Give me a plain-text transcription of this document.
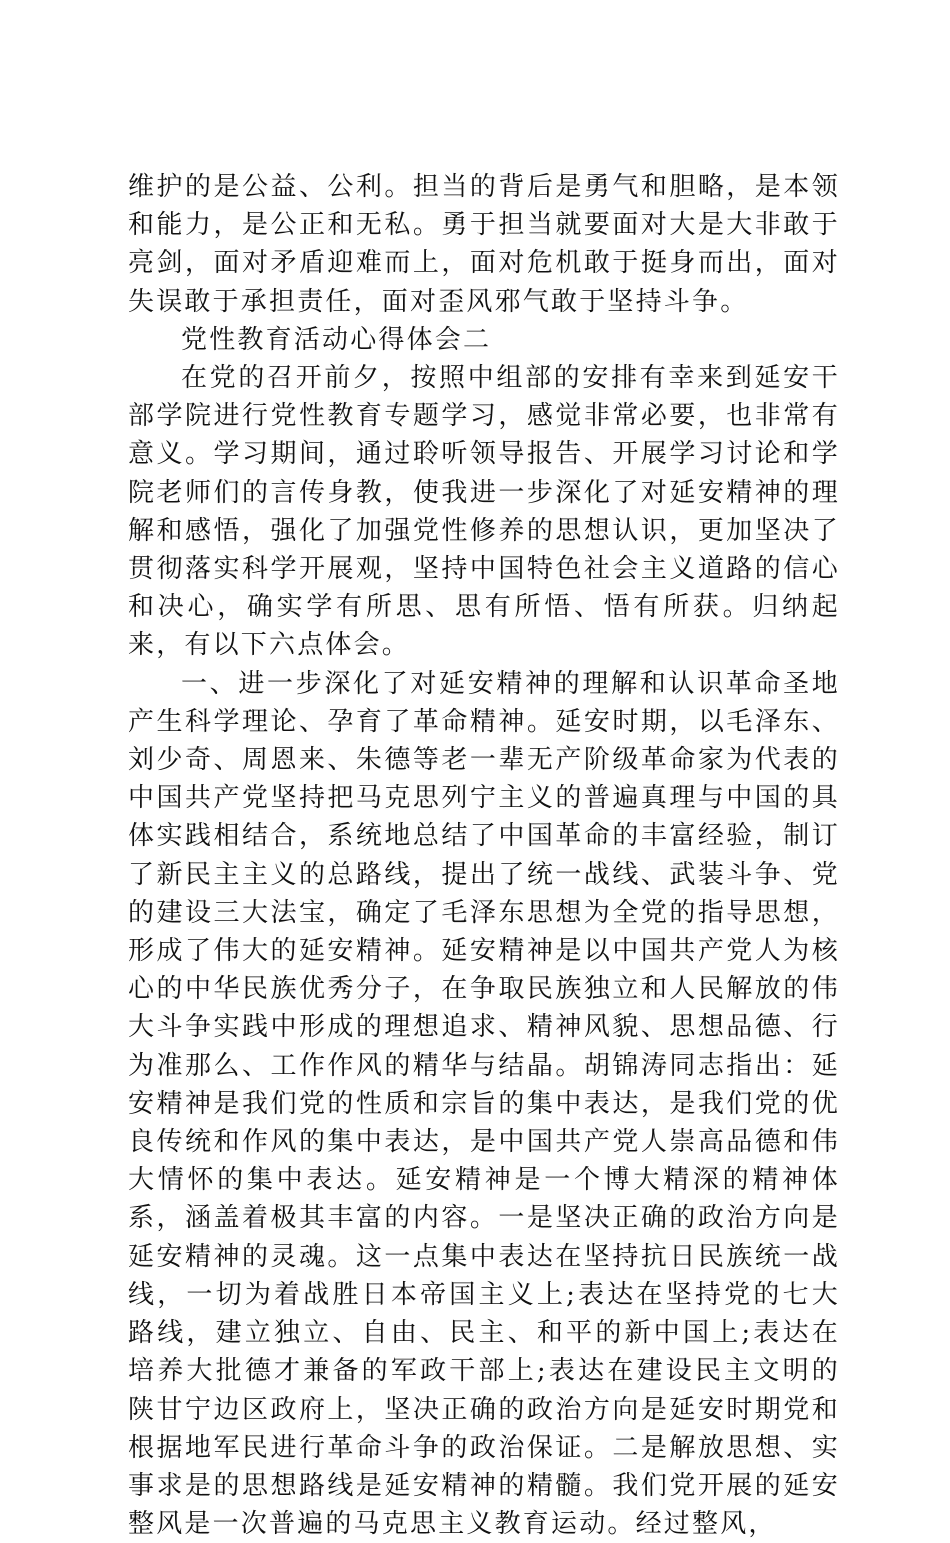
维护的是公益、公利。担当的背后是勇气和胆略，是本领和能力，是公正和无私。勇于担当就要面对大是大非敢于亮剑，面对矛盾迎难而上，面对危机敢于挺身而出，面对失误敢于承担责任，面对歪风邪气敢于坚持斗争。

党性教育活动心得体会二

在党的召开前夕，按照中组部的安排有幸来到延安干部学院进行党性教育专题学习，感觉非常必要，也非常有意义。学习期间，通过聆听领导报告、开展学习讨论和学院老师们的言传身教，使我进一步深化了对延安精神的理解和感悟，强化了加强党性修养的思想认识，更加坚决了贯彻落实科学开展观，坚持中国特色社会主义道路的信心和决心，确实学有所思、思有所悟、悟有所获。归纳起来，有以下六点体会。

一、进一步深化了对延安精神的理解和认识革命圣地产生科学理论、孕育了革命精神。延安时期，以毛泽东、刘少奇、周恩来、朱德等老一辈无产阶级革命家为代表的中国共产党坚持把马克思列宁主义的普遍真理与中国的具体实践相结合，系统地总结了中国革命的丰富经验，制订了新民主主义的总路线，提出了统一战线、武装斗争、党的建设三大法宝，确定了毛泽东思想为全党的指导思想，形成了伟大的延安精神。延安精神是以中国共产党人为核心的中华民族优秀分子，在争取民族独立和人民解放的伟大斗争实践中形成的理想追求、精神风貌、思想品德、行为准那么、工作作风的精华与结晶。胡锦涛同志指出：延安精神是我们党的性质和宗旨的集中表达，是我们党的优良传统和作风的集中表达，是中国共产党人崇高品德和伟大情怀的集中表达。延安精神是一个博大精深的精神体系，涵盖着极其丰富的内容。一是坚决正确的政治方向是延安精神的灵魂。这一点集中表达在坚持抗日民族统一战线，一切为着战胜日本帝国主义上;表达在坚持党的七大路线，建立独立、自由、民主、和平的新中国上;表达在培养大批德才兼备的军政干部上;表达在建设民主文明的陕甘宁边区政府上，坚决正确的政治方向是延安时期党和根据地军民进行革命斗争的政治保证。二是解放思想、实事求是的思想路线是延安精神的精髓。我们党开展的延安整风是一次普遍的马克思主义教育运动。经过整风，
